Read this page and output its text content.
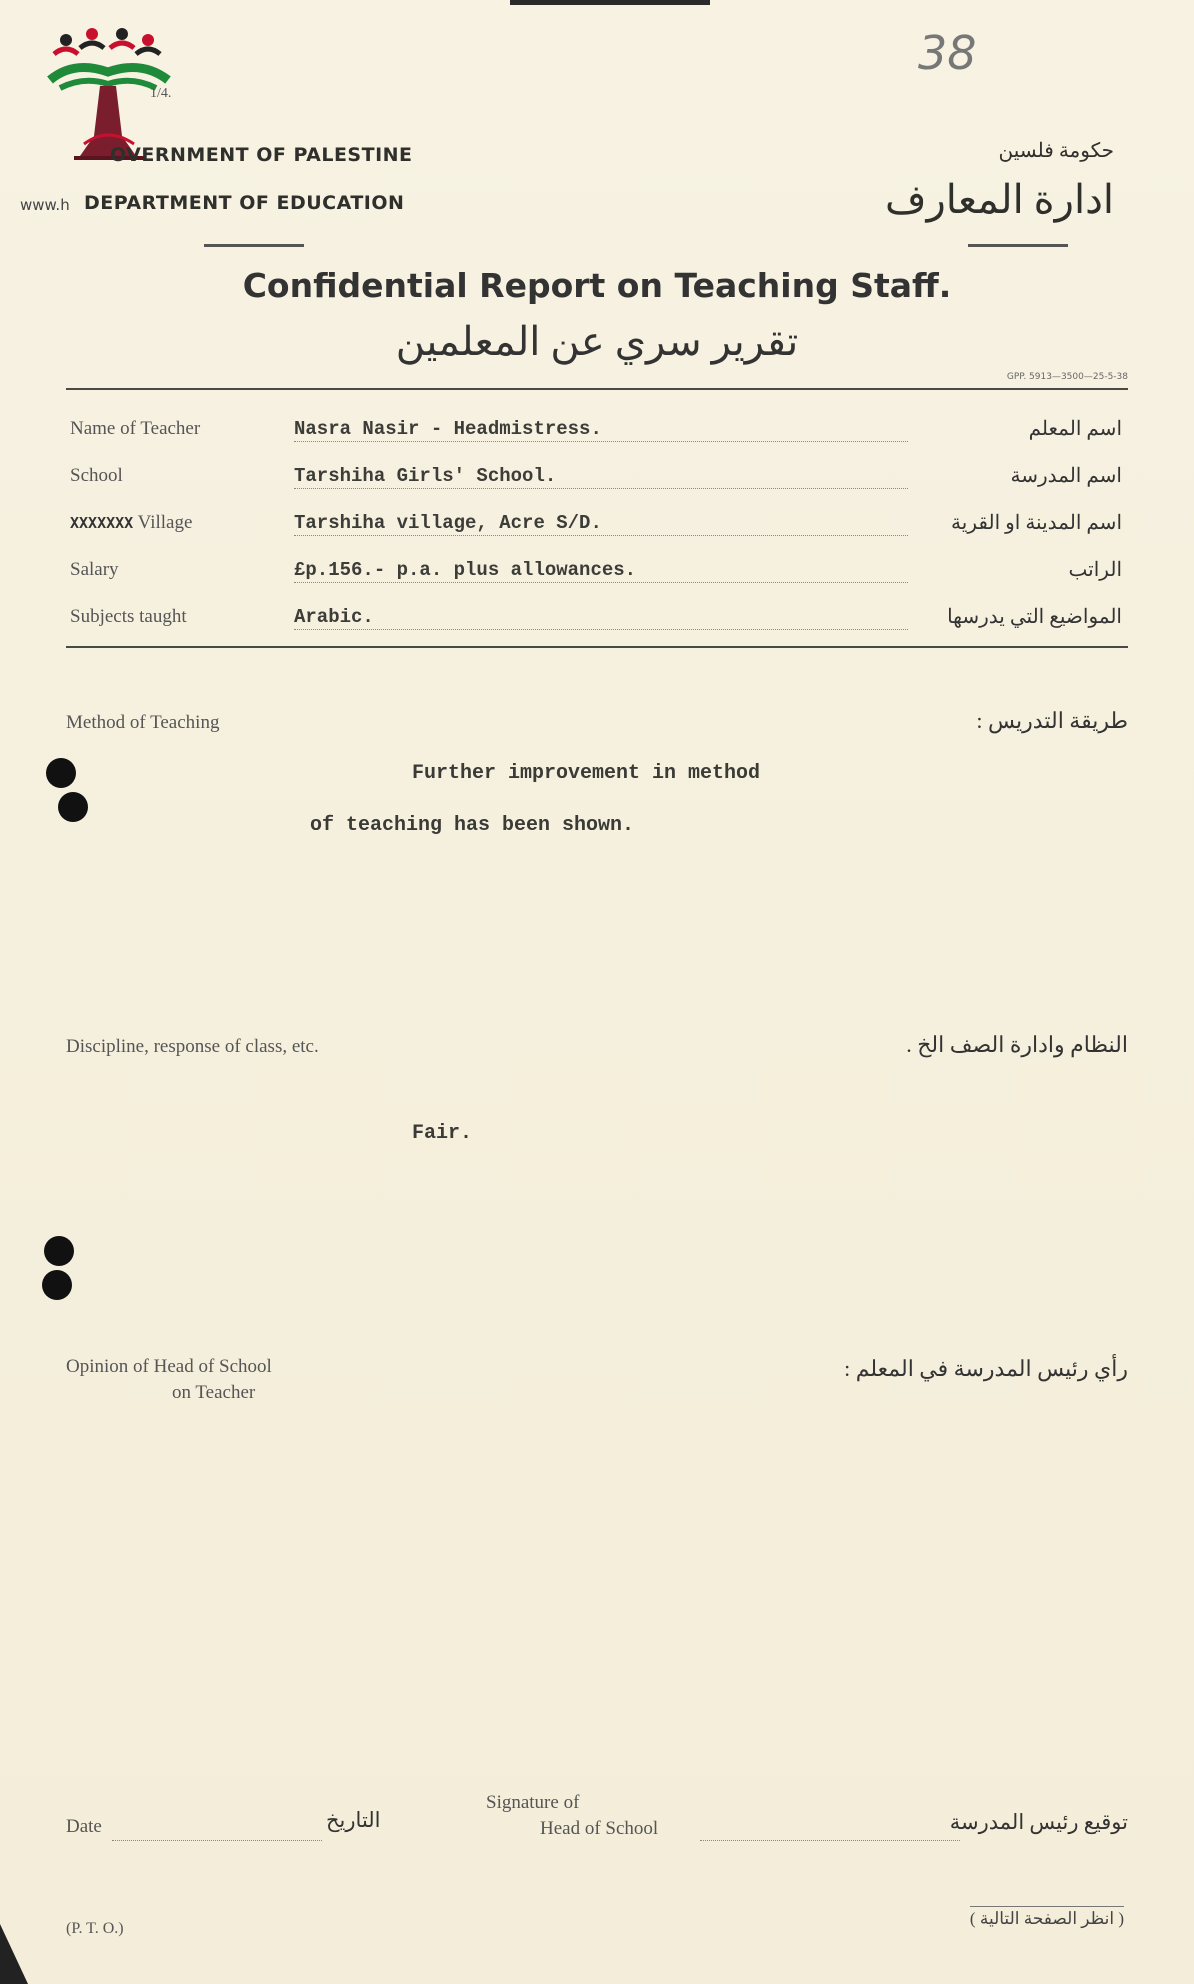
1/4.
www.h
38
OVERNMENT OF PALESTINE
DEPARTMENT OF EDUCATION
حكومة فلسين
ادارة المعارف
Confidential Report on Teaching Staff.
تقرير سري عن المعلمين
GPP. 5913—3500—25-5-38
Name of Teacher	Nasra Nasir - Headmistress.	اسم المعلم
School	Tarshiha Girls' School.	اسم المدرسة
XXXXXXX Village	Tarshiha village, Acre S/D.	اسم المدينة او القرية
Salary	£p.156.- p.a. plus allowances.	الراتب
Subjects taught	Arabic.	المواضيع التي يدرسها
Method of Teaching	طريقة التدريس :
Further improvement in method
of teaching has been shown.
Discipline, response of class, etc.	النظام وادارة الصف الخ .
Fair.
Opinion of Head of School
on Teacher
رأي رئيس المدرسة في المعلم :
Date	التاريخ
Signature of
Head of School	توقيع رئيس المدرسة
(P. T. O.)
( انظر الصفحة التالية )
